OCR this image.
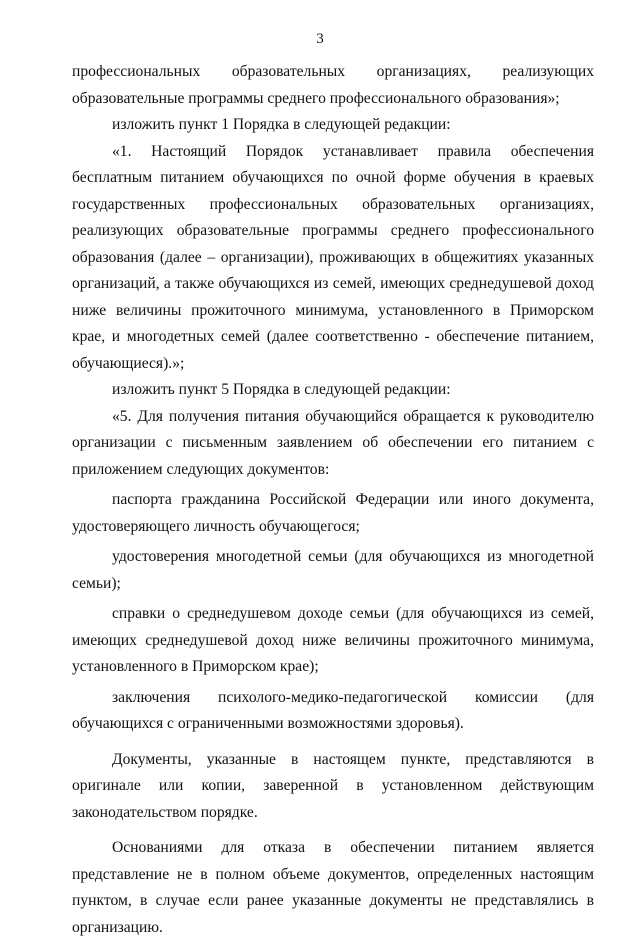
3

профессиональных образовательных организациях, реализующих образовательные программы среднего профессионального образования»;

изложить пункт 1 Порядка в следующей редакции:

«1. Настоящий Порядок устанавливает правила обеспечения бесплатным питанием обучающихся по очной форме обучения в краевых государственных профессиональных образовательных организациях, реализующих образовательные программы среднего профессионального образования (далее – организации), проживающих в общежитиях указанных организаций, а также обучающихся из семей, имеющих среднедушевой доход ниже величины прожиточного минимума, установленного в Приморском крае, и многодетных семей (далее соответственно - обеспечение питанием, обучающиеся).»;

изложить пункт 5 Порядка в следующей редакции:

«5. Для получения питания обучающийся обращается к руководителю организации с письменным заявлением об обеспечении его питанием с приложением следующих документов:

паспорта гражданина Российской Федерации или иного документа, удостоверяющего личность обучающегося;

удостоверения многодетной семьи (для обучающихся из многодетной семьи);

справки о среднедушевом доходе семьи (для обучающихся из семей, имеющих среднедушевой доход ниже величины прожиточного минимума, установленного в Приморском крае);

заключения психолого-медико-педагогической комиссии (для обучающихся с ограниченными возможностями здоровья).

Документы, указанные в настоящем пункте, представляются в оригинале или копии, заверенной в установленном действующим законодательством порядке.

Основаниями для отказа в обеспечении питанием является представление не в полном объеме документов, определенных настоящим пунктом, в случае если ранее указанные документы не представлялись в организацию.
